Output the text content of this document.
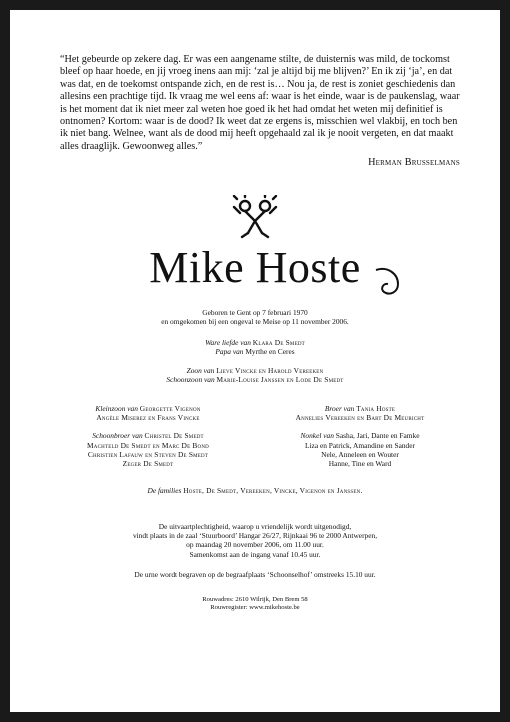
“Het gebeurde op zekere dag. Er was een aangename stilte, de duisternis was mild, de tockomst bleef op haar hoede, en jij vroeg inens aan mij: ‘zal je altijd bij me blijven?’ En ik zij ‘ja’, en dat was dat, en de toekomst ontspande zich, en de rest is… Nou ja, de rest is zoniet geschiedenis dan allesins een prachtige tijd. Ik vraag me wel eens af: waar is het einde, waar is de paukenslag, waar is het moment dat ik niet meer zal weten hoe goed ik het had omdat het weten mij definitief is ontnomen? Kortom: waar is de dood? Ik weet dat ze ergens is, misschien wel vlakbij, en toch ben ik niet bang. Welnee, want als de dood mij heeft opgehaald zal ik je nooit vergeten, en dat maakt alles draaglijk. Gewoonweg alles.”

Herman Brusselmans
Mike Hoste

Geboren te Gent op 7 februari 1970

en omgekomen bij een ongeval te Meise op 11 november 2006.

Ware liefde van Klara De Smedt

Papa van Myrthe en Ceres

Zoon van Lieve Vincke en Harold Vereeken

Schoonzoon van Marie-Louise Janssen en Lode De Smedt

Kleinzoon van Georgette Vigenon

Angèle Miserez en Frans Vincke

Schoonbroer van Christel De Smedt

Machteld De Smedt en Marc De Bond

Christien Lafauw en Steven De Smedt

Zeger De Smedt

Broer van Tania Hoste

Annelies Vereeken en Bart De Meuricht

Nonkel van Sasha, Jari, Dante en Famke

Liza en Patrick, Amandine en Sander

Nele, Anneleen en Wouter

Hanne, Tine en Ward

De families Hoste, De Smedt, Vereeken, Vincke, Vigenon en Janssen.

De uitvaartplechtigheid, waarop u vriendelijk wordt uitgenodigd,

vindt plaats in de zaal ‘Stuurboord’ Hangar 26/27, Rijnkaai 96 te 2000 Antwerpen,

op maandag 20 november 2006, om 11.00 uur.

Samenkomst aan de ingang vanaf 10.45 uur.

De urne wordt begraven op de begraafplaats ‘Schoonselhof’ omstreeks 15.10 uur.

Rouwadres: 2610 Wilrijk, Den Brem 58

Rouwregister: www.mikehoste.be
